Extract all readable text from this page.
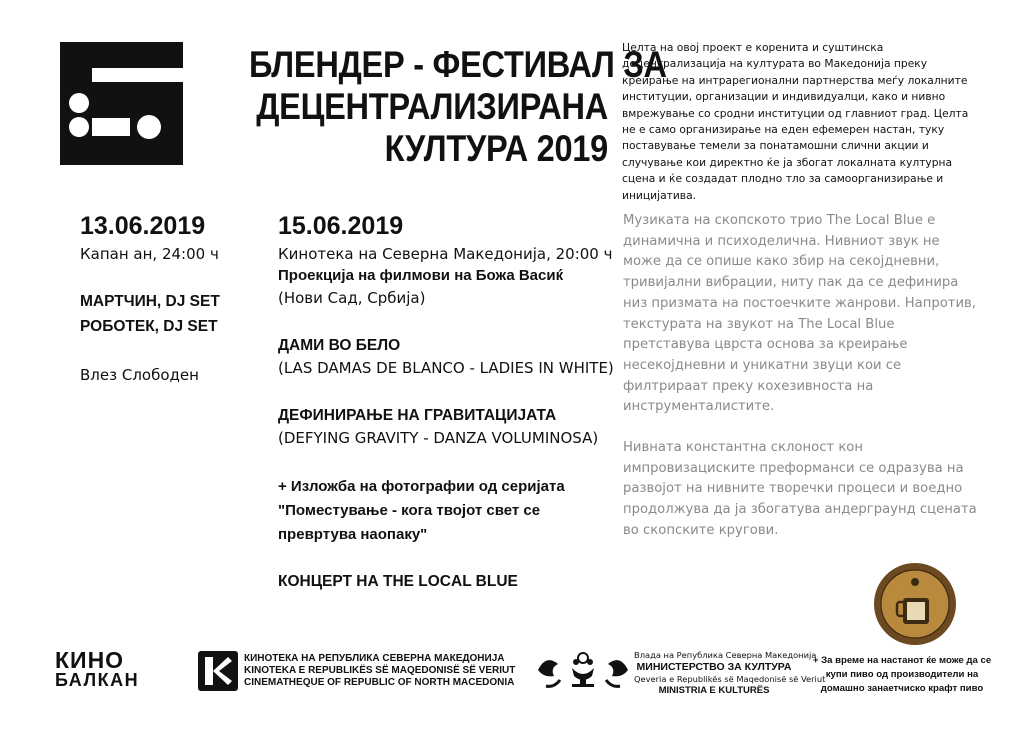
БЛЕНДЕР - ФЕСТИВАЛ ЗА
ДЕЦЕНТРАЛИЗИРАНА
КУЛТУРА 2019
Целта на овој проект е коренита и суштинска децентрализација на културата во Македонија преку креирање на интрарегионални партнерства меѓу локалните институции, организации и индивидуалци, како и нивно вмрежување со сродни институции од главниот град. Целта не е само организирање на еден ефемерен настан, туку поставување темели за понатамошни слични акции и случување кои директно ќе ја збогат локалната културна сцена и ќе создадат плодно тло за самоорганизирање и иницијатива.
13.06.2019
Капан ан, 24:00 ч
МАРТЧИН, DJ SET
РОБОТЕК, DJ SET
Влез Слободен
15.06.2019
Кинотека на Северна Македонија, 20:00 ч
Проекција на филмови на Божа Васиќ
(Нови Сад, Србија)
ДАМИ ВО БЕЛО
(LAS DAMAS DE BLANCO - LADIES IN WHITE)
ДЕФИНИРАЊЕ НА ГРАВИТАЦИЈАТА
(DEFYING GRAVITY - DANZA VOLUMINOSA)
+ Изложба на фотографии од серијата
"Поместување - кога твојот свет се
превртува наопаку"
КОНЦЕРТ НА THE LOCAL BLUE

Музиката на скопското трио The Local Blue е динамична и психоделична. Нивниот звук не може да се опише како збир на секојдневни, тривијални вибрации, ниту пак да се дефинира низ призмата на постоечките жанрови. Напротив, текстурата на звукот на The Local Blue претставува цврста основа за креирање несекојдневни и уникатни звуци кои се филтрираат преку кохезивноста на инструменталистите.

Нивната константна склоност кон импровизациските преформанси се одразува на развојот на нивните творечки процеси и воедно продолжува да ја збогатува андерграунд сцената во скопските кругови.

КИНО
БАЛКАН
КИНОТЕКА НА РЕПУБЛИКА СЕВЕРНА МАКЕДОНИЈА
KINOTEKA E REPUBLIKËS SË MAQEDONISË SË VERIUT
CINEMATHEQUE OF REPUBLIC OF NORTH MACEDONIA
Влада на Република Северна Македонија
МИНИСТЕРСТВО ЗА КУЛТУРА
Qeveria e Republikës së Maqedonisë së Veriut
MINISTRIA E KULTURËS
+ За време на настанот ќе може да се купи пиво од производители на домашно занаетчиско крафт пиво
